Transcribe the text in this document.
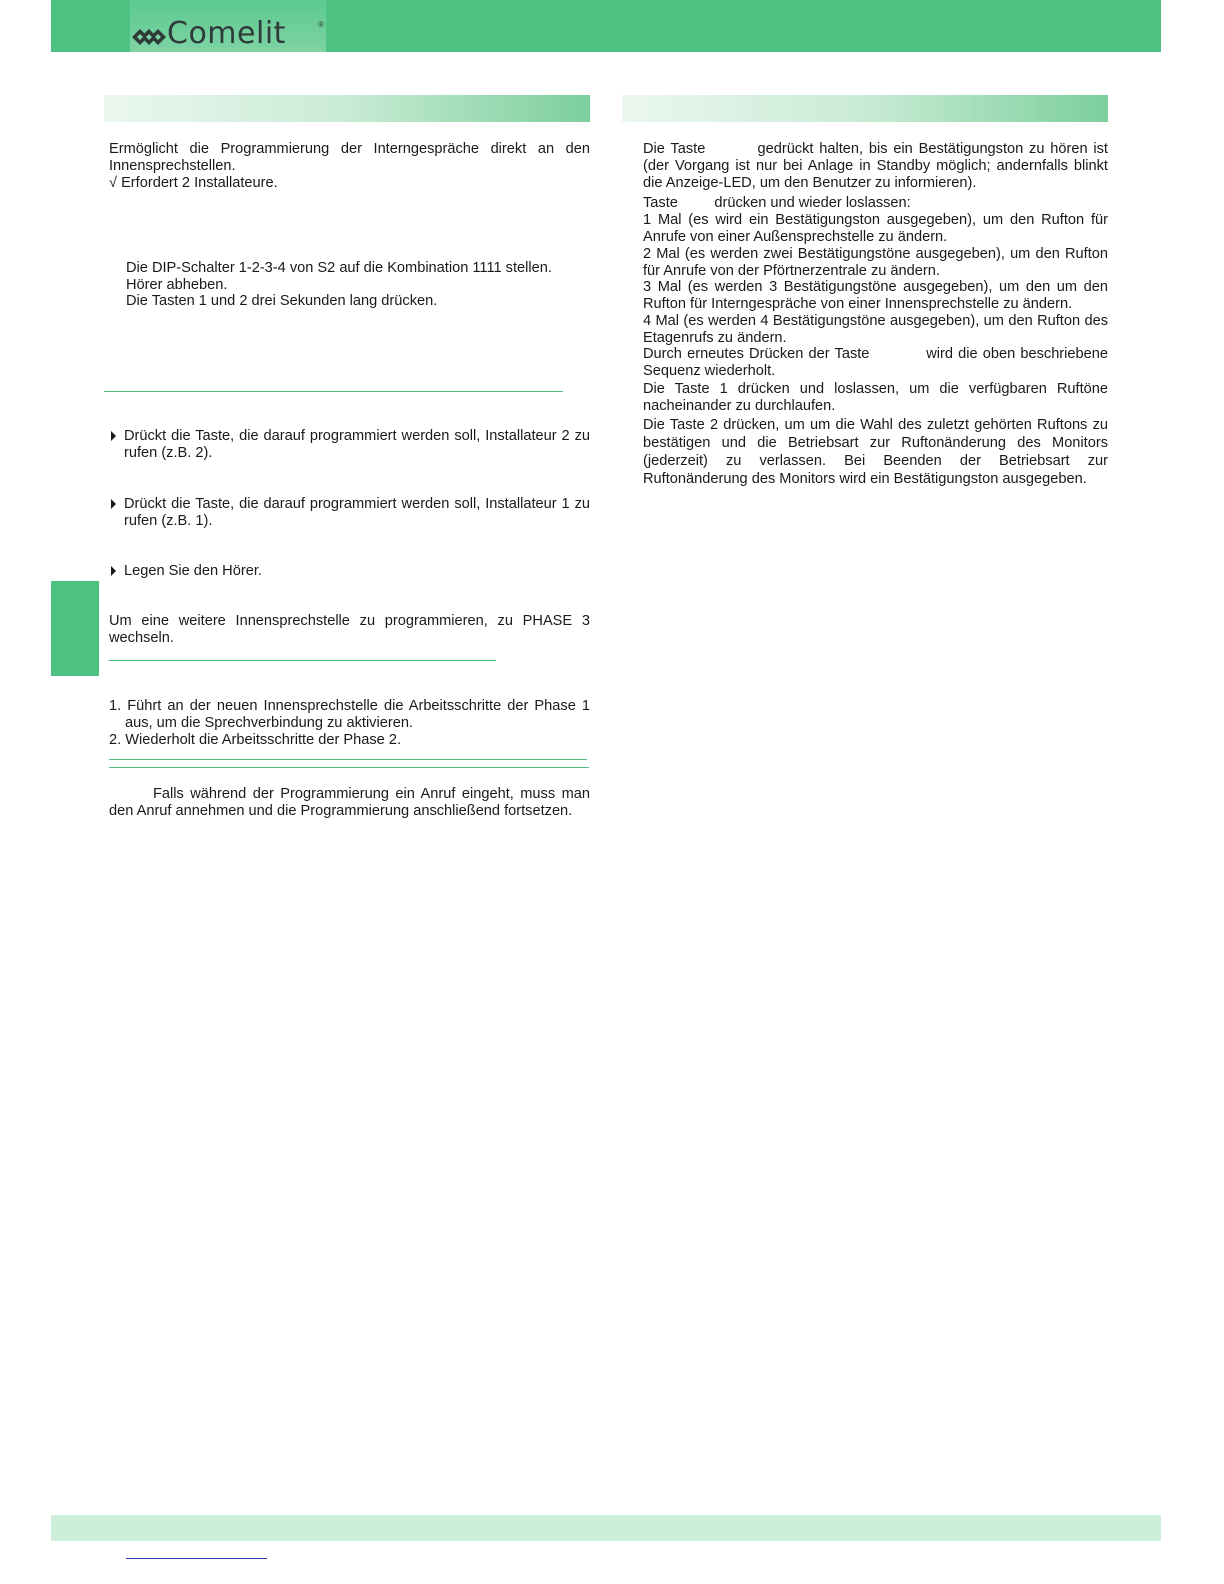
Comelit	®

Ermöglicht die Programmierung der Interngespräche direkt an den Innensprechstellen.

√ Erfordert 2 Installateure.

Die DIP-Schalter 1-2-3-4 von S2 auf die Kombination 1111 stellen.

Hörer abheben.

Die Tasten 1 und 2 drei Sekunden lang drücken.

Drückt die Taste, die darauf programmiert werden soll, Installateur 2 zu rufen (z.B. 2).

Drückt die Taste, die darauf programmiert werden soll, Installateur 1 zu rufen (z.B. 1).

Legen Sie den Hörer.

Um eine weitere Innensprechstelle zu programmieren, zu PHASE 3 wechseln.

1. Führt an der neuen Innensprechstelle die Arbeitsschritte der Phase 1 aus, um die Sprechverbindung zu aktivieren.

2. Wiederholt die Arbeitsschritte der Phase 2.

Falls während der Programmierung ein Anruf eingeht, muss man den Anruf annehmen und die Programmierung anschließend fortsetzen.

Die Taste	gedrückt halten, bis ein Bestätigungston zu hören ist (der Vorgang ist nur bei Anlage in Standby möglich; andernfalls blinkt die Anzeige-LED, um den Benutzer zu informieren).

Taste	drücken und wieder loslassen:

1 Mal (es wird ein Bestätigungston ausgegeben), um den Rufton für Anrufe von einer Außensprechstelle zu ändern.

2 Mal (es werden zwei Bestätigungstöne ausgegeben), um den Rufton für Anrufe von der Pförtnerzentrale zu ändern.

3 Mal (es werden 3 Bestätigungstöne ausgegeben), um den um den Rufton für Interngespräche von einer Innensprechstelle zu ändern.

4 Mal (es werden 4 Bestätigungstöne ausgegeben), um den Rufton des Etagenrufs zu ändern.

Durch erneutes Drücken der Taste	wird die oben beschriebene Sequenz wiederholt.

Die Taste 1 drücken und loslassen, um die verfügbaren Ruftöne nacheinander zu durchlaufen.

Die Taste 2 drücken, um um die Wahl des zuletzt gehörten Ruftons zu bestätigen und die Betriebsart zur Ruftonänderung des Monitors (jederzeit) zu verlassen. Bei Beenden der Betriebsart zur Ruftonänderung des Monitors wird ein Bestätigungston ausgegeben.
